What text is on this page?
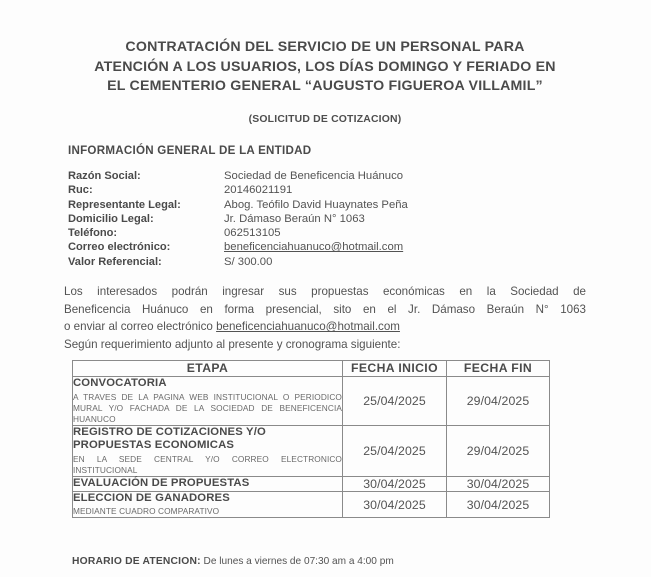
CONTRATACIÓN DEL SERVICIO DE UN PERSONAL PARA
ATENCIÓN A LOS USUARIOS, LOS DÍAS DOMINGO Y FERIADO EN
EL CEMENTERIO GENERAL “AUGUSTO FIGUEROA VILLAMIL”
(SOLICITUD DE COTIZACION)
INFORMACIÓN GENERAL DE LA ENTIDAD
Razón Social:	Sociedad de Beneficencia Huánuco
Ruc:	20146021191
Representante Legal:	Abog. Teófilo David Huaynates Peña
Domicilio Legal:	Jr. Dámaso Beraún N° 1063
Teléfono:	062513105
Correo electrónico:	beneficenciahuanuco@hotmail.com
Valor Referencial:	S/ 300.00
Los interesados podrán ingresar sus propuestas económicas en la Sociedad de
Beneficencia Huánuco en forma presencial, sito en el Jr. Dámaso Beraún N° 1063
o enviar al correo electrónico beneficenciahuanuco@hotmail.com
Según requerimiento adjunto al presente y cronograma siguiente:
ETAPA	FECHA INICIO	FECHA FIN

CONVOCATORIA
A TRAVES DE LA PAGINA WEB INSTITUCIONAL O PERIODICO
MURAL Y/O FACHADA DE LA SOCIEDAD DE BENEFICENCIA
HUANUCO	25/04/2025	29/04/2025

REGISTRO DE COTIZACIONES Y/O PROPUESTAS ECONOMICAS
EN LA SEDE CENTRAL Y/O CORREO ELECTRONICO
INSTITUCIONAL	25/04/2025	29/04/2025

EVALUACIÓN DE PROPUESTAS	30/04/2025	30/04/2025

ELECCION DE GANADORES
MEDIANTE CUADRO COMPARATIVO	30/04/2025	30/04/2025
HORARIO DE ATENCION: De lunes a viernes de 07:30 am a 4:00 pm
